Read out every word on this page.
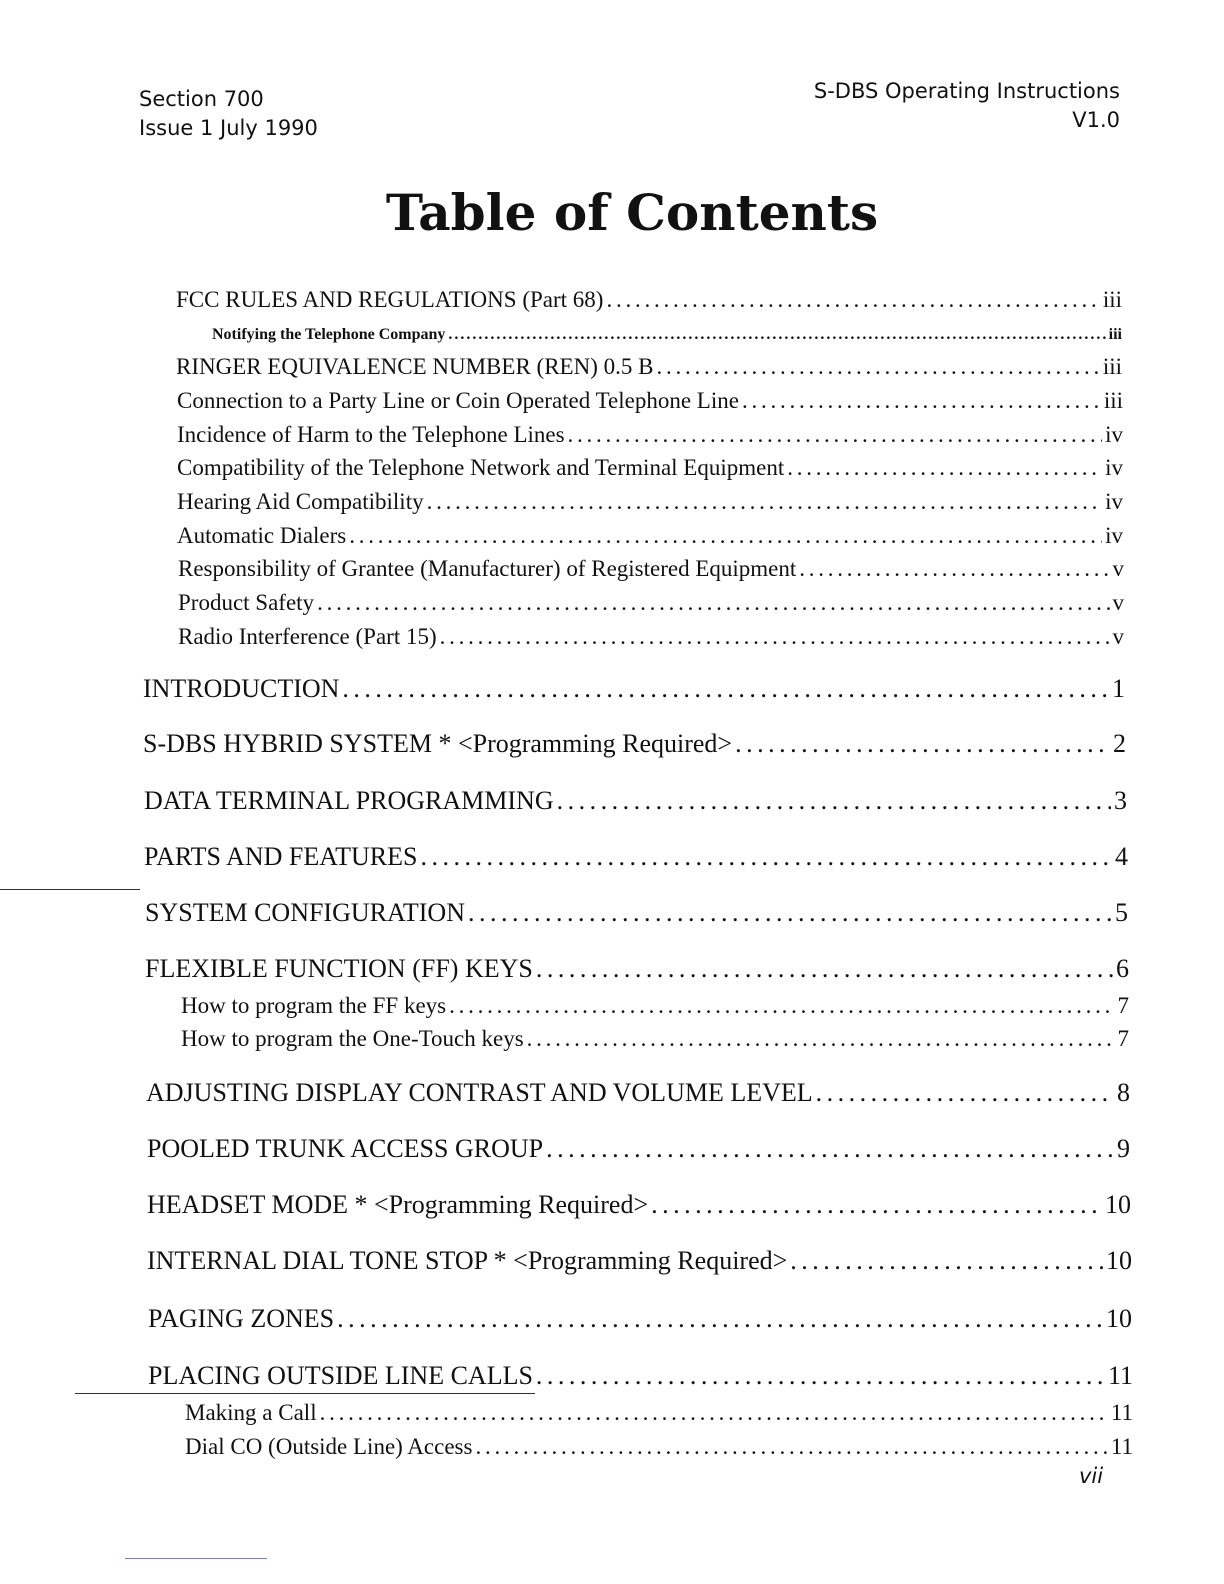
Section 700
Issue 1 July 1990
S-DBS Operating Instructions
V1.0
Table of Contents
FCC RULES AND REGULATIONS (Part 68) . . .	iii
Notifying the Telephone Company . . .	iii
RINGER EQUIVALENCE NUMBER (REN) 0.5 B . . .	iii
Connection to a Party Line or Coin Operated Telephone Line . . .	iii
Incidence of Harm to the Telephone Lines . . .	iv
Compatibility of the Telephone Network and Terminal Equipment . . .	iv
Hearing Aid Compatibility . . .	iv
Automatic Dialers . . .	iv
Responsibility of Grantee (Manufacturer) of Registered Equipment . . .	v
Product Safety . . .	v
Radio Interference (Part 15) . . .	v
INTRODUCTION . . .	1
S-DBS HYBRID SYSTEM * <Programming Required> . . .	2
DATA TERMINAL PROGRAMMING . . .	3
PARTS AND FEATURES . . .	4
SYSTEM CONFIGURATION . . .	5
FLEXIBLE FUNCTION (FF) KEYS . . .	6
How to program the FF keys . . .	7
How to program the One-Touch keys . . .	7
ADJUSTING DISPLAY CONTRAST AND VOLUME LEVEL . . .	8
POOLED TRUNK ACCESS GROUP . . .	9
HEADSET MODE * <Programming Required> . . .	10
INTERNAL DIAL TONE STOP * <Programming Required> . . .	10
PAGING ZONES . . .	10
PLACING OUTSIDE LINE CALLS . . .	11
Making a Call . . .	11
Dial CO (Outside Line) Access . . .	11
vii
